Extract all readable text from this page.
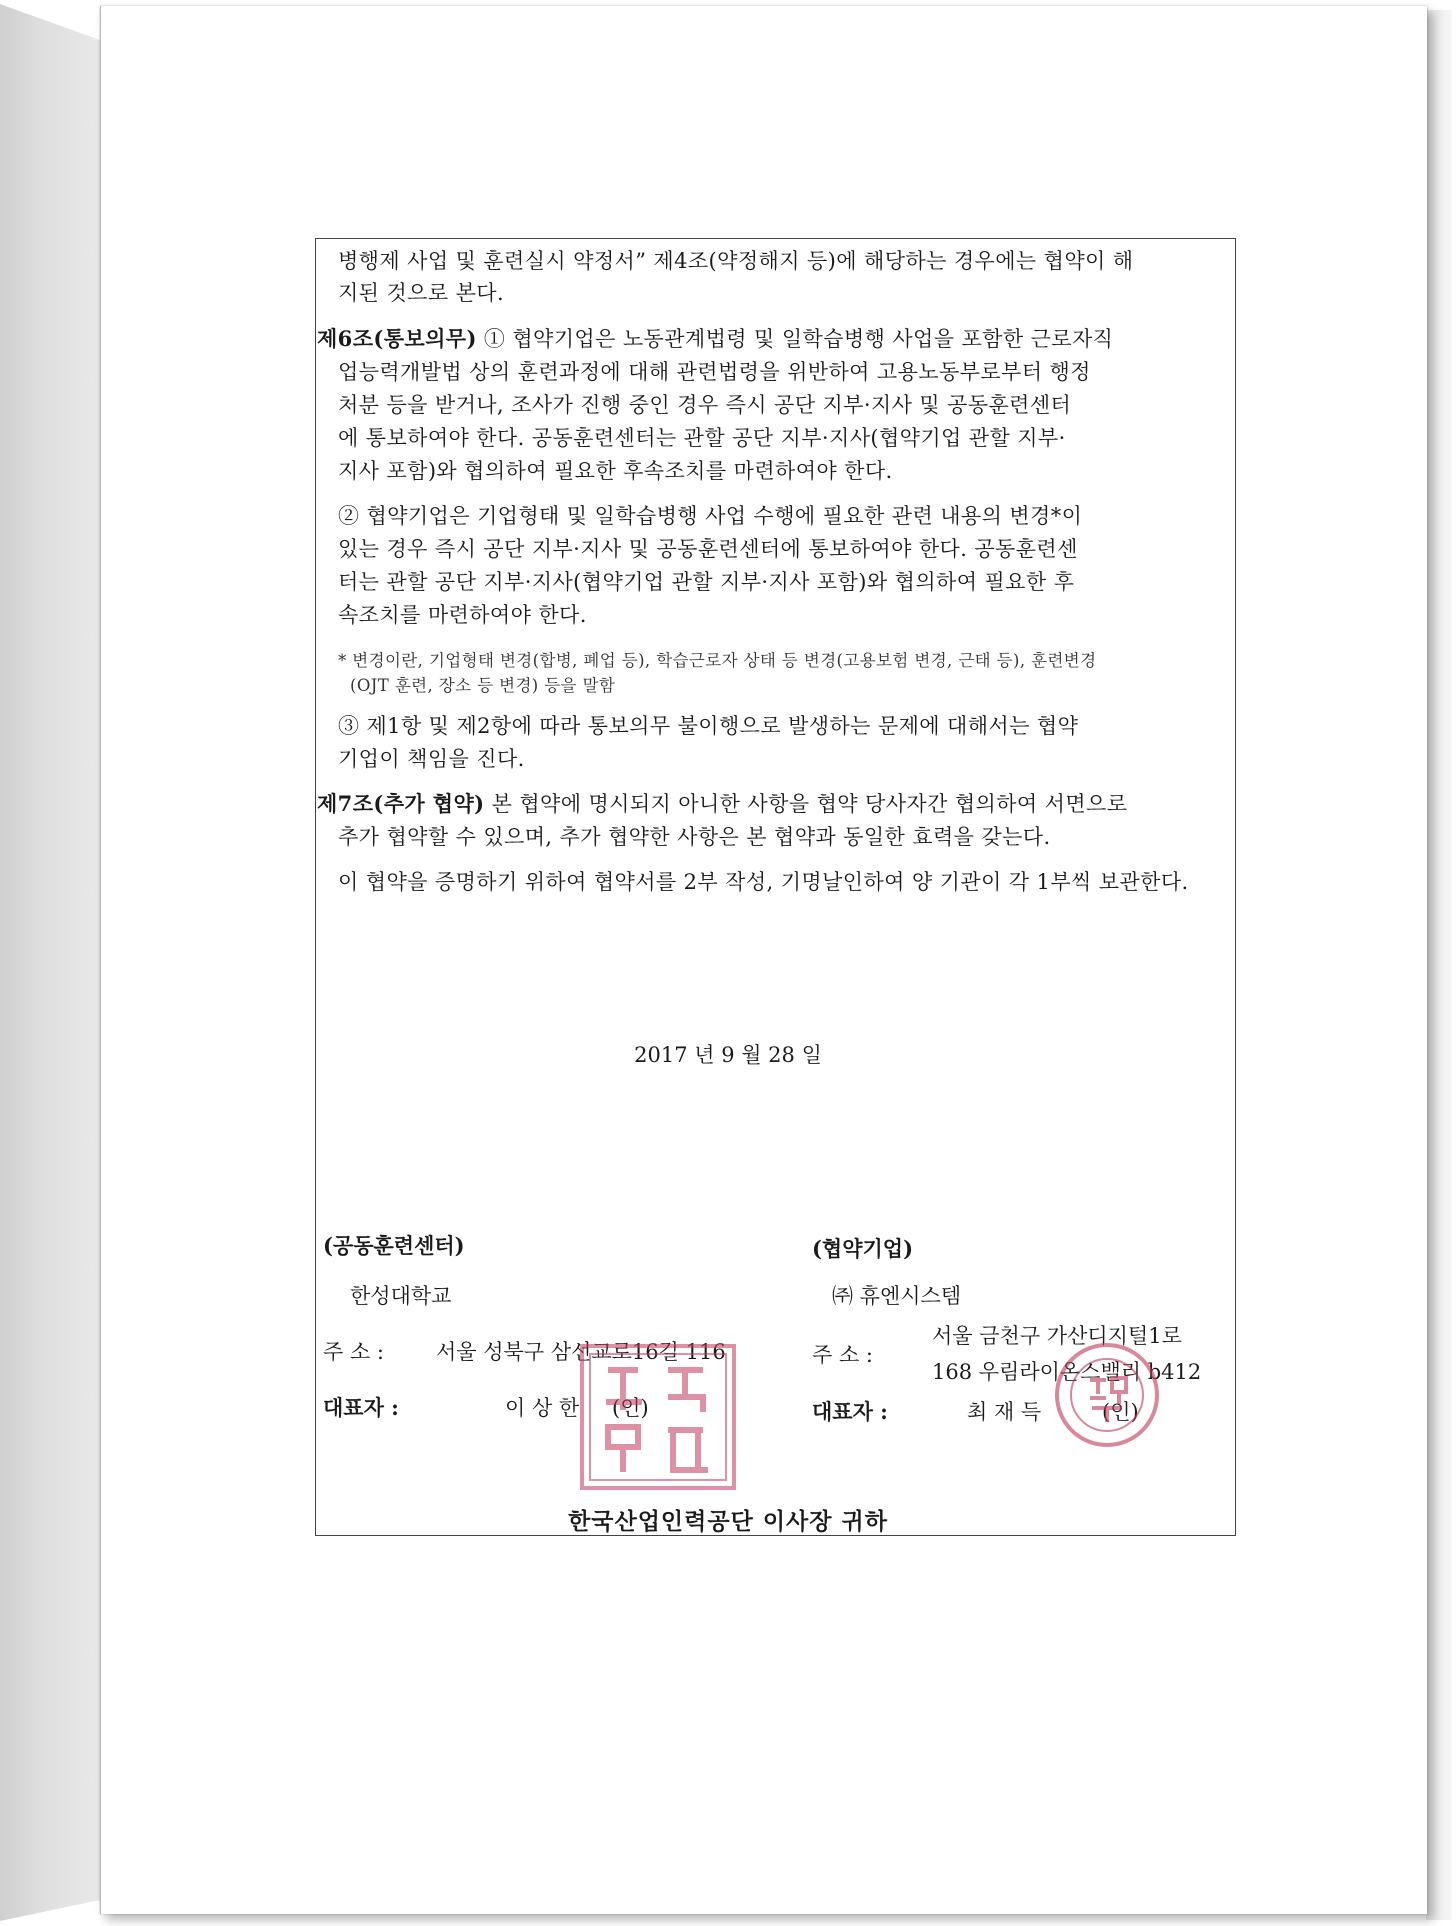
병행제 사업 및 훈련실시 약정서” 제4조(약정해지 등)에 해당하는 경우에는 협약이 해
지된 것으로 본다.
제6조(통보의무) ① 협약기업은 노동관계법령 및 일학습병행 사업을 포함한 근로자직
업능력개발법 상의 훈련과정에 대해 관련법령을 위반하여 고용노동부로부터 행정
처분 등을 받거나, 조사가 진행 중인 경우 즉시 공단 지부·지사 및 공동훈련센터
에 통보하여야 한다. 공동훈련센터는 관할 공단 지부·지사(협약기업 관할 지부·
지사 포함)와 협의하여 필요한 후속조치를 마련하여야 한다.
② 협약기업은 기업형태 및 일학습병행 사업 수행에 필요한 관련 내용의 변경*이
있는 경우 즉시 공단 지부·지사 및 공동훈련센터에 통보하여야 한다. 공동훈련센
터는 관할 공단 지부·지사(협약기업 관할 지부·지사 포함)와 협의하여 필요한 후
속조치를 마련하여야 한다.
* 변경이란, 기업형태 변경(합병, 폐업 등), 학습근로자 상태 등 변경(고용보험 변경, 근태 등), 훈련변경
(OJT 훈련, 장소 등 변경) 등을 말함
③ 제1항 및 제2항에 따라 통보의무 불이행으로 발생하는 문제에 대해서는 협약
기업이 책임을 진다.
제7조(추가 협약) 본 협약에 명시되지 아니한 사항을 협약 당사자간 협의하여 서면으로
추가 협약할 수 있으며, 추가 협약한 사항은 본 협약과 동일한 효력을 갖는다.
이 협약을 증명하기 위하여 협약서를 2부 작성, 기명날인하여 양 기관이 각 1부씩 보관한다.
2017 년 9 월 28 일
(공동훈련센터)
한성대학교
주 소 : 서울 성북구 삼선교로16길 116
대표자 :	이 상 한 (인)
(협약기업)
㈜ 휴엔시스템
주 소 :
서울 금천구 가산디지털1로
168 우림라이온스밸리 b412
대표자 :	최 재 득	(인)
한국산업인력공단 이사장 귀하
